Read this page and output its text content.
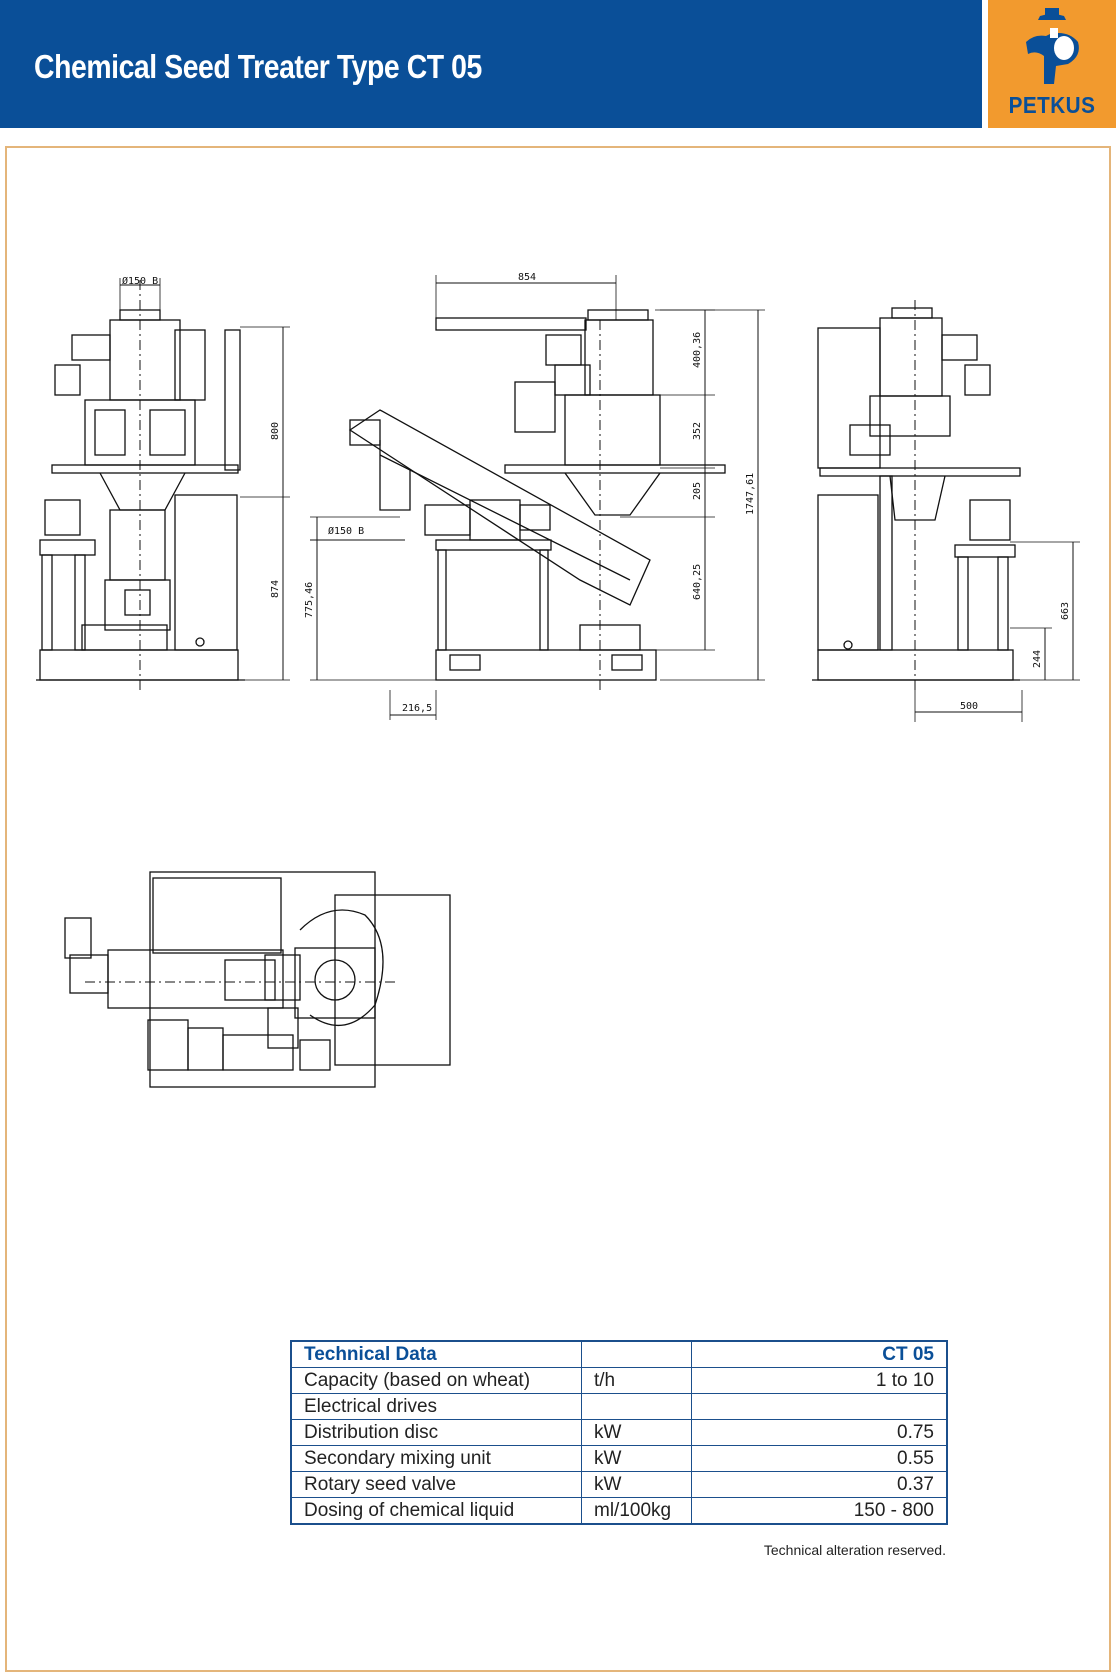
Chemical Seed Treater Type CT 05
PETKUS
Ø150 B
800
874
854
Ø150 B
775,46
216,5
400,36
352
205
640,25
1747,61
663
244
500
Technical Data		CT 05
Capacity (based on wheat)	t/h	1 to 10
Electrical drives		
Distribution disc	kW	0.75
Secondary mixing unit	kW	0.55
Rotary seed valve	kW	0.37
Dosing of chemical liquid	ml/100kg	150 - 800
Technical alteration reserved.
